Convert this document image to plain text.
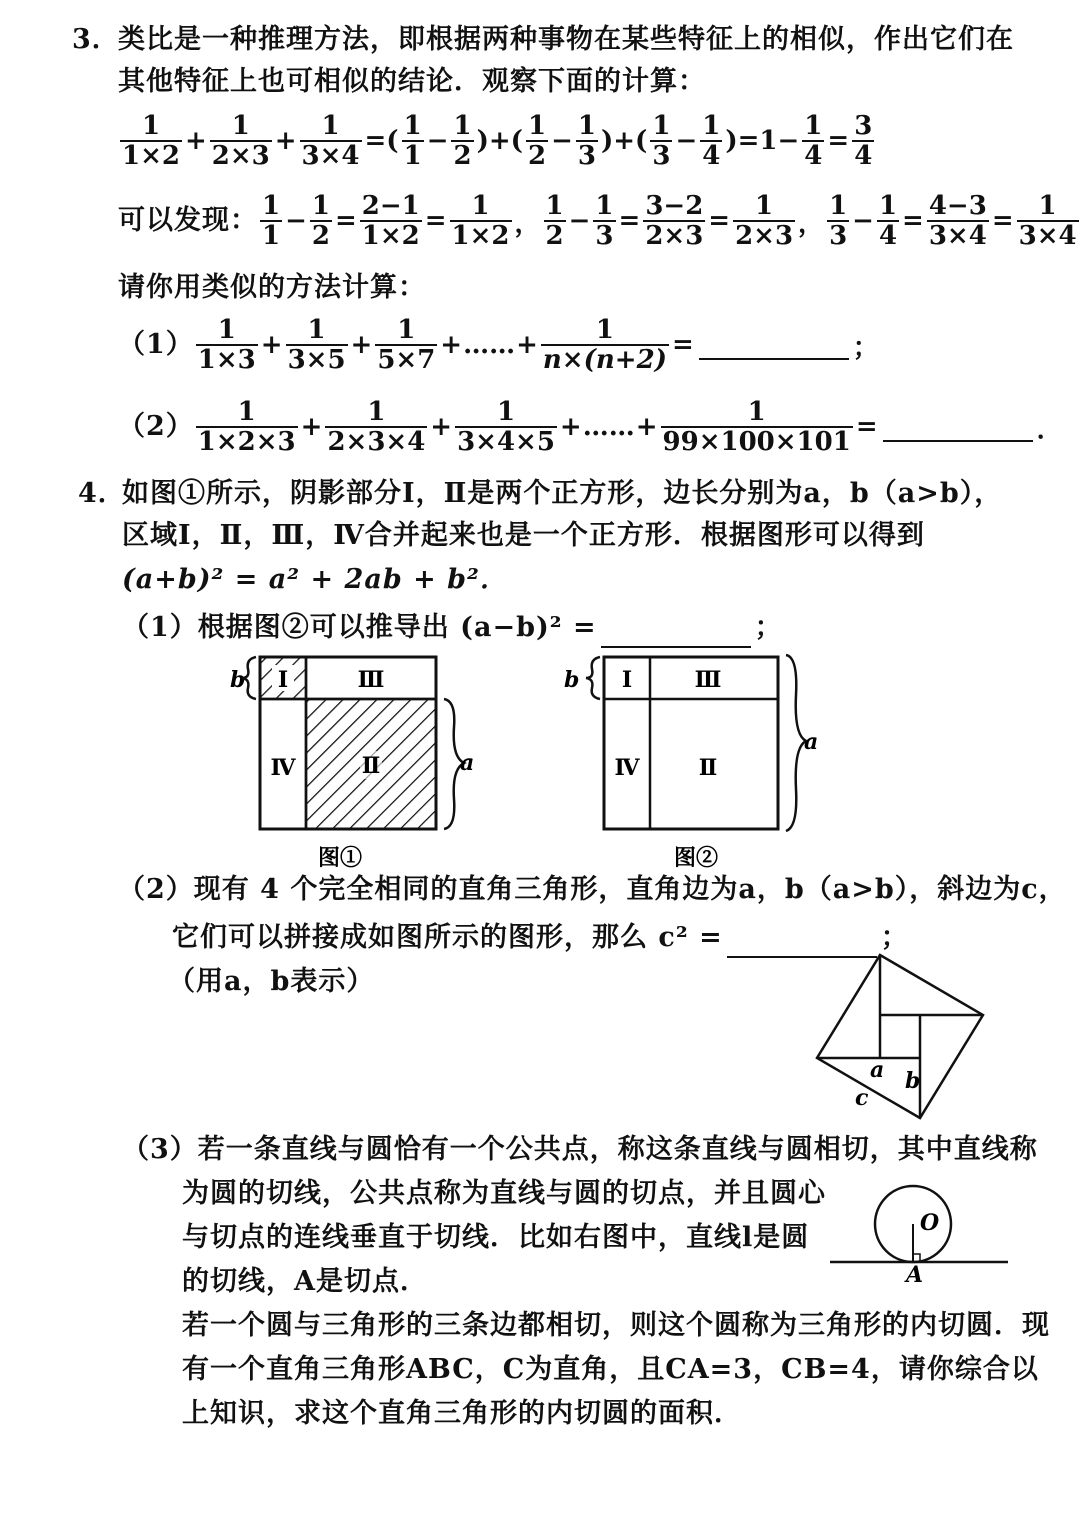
3．
类比是一种推理方法，即根据两种事物在某些特征上的相似，作出它们在
其他特征上也可相似的结论．观察下面的计算：
1
$1\times 2 + \frac{1}{2\times 3} + \frac{1}{3\times 4}$ =( 1
$1 - \frac{1}{2}$ )+( 1
$2 - \frac{1}{3}$ )+( 1
$3 - \frac{1}{4} )=1- \frac{1}{4} = \frac{3}{4}$
可以发现： 1
$1 - \frac{1}{2} = \frac{2-1}{1\times 2} = \frac{1}{1\times 2}$ ，
1
$2 - \frac{1}{3} = \frac{3-2}{2\times 3} = \frac{1}{2\times 3}$ ，
1
$3 - \frac{1}{4} = \frac{4-3}{3\times 4} = \frac{1}{3\times 4}$
请你用类似的方法计算：
（1） 1
$1\times 3 + \frac{1}{3\times 5} + \frac{1}{5\times 7}$ + …… + $\frac{1}{n\times(n+2)}$ =	；
（2） 1
$1\times 2\times 3 + \frac{1}{2\times 3\times 4} + \frac{1}{3\times 4\times 5}$ + …… + $\frac{1}{99\times 100\times 101}$ =	．
4．
如图①所示，阴影部分Ⅰ，Ⅱ是两个正方形，边长分别为a，b（a>b），
区域Ⅰ，Ⅱ，Ⅲ，Ⅳ合并起来也是一个正方形．根据图形可以得到
(a+b)² = a² + 2ab + b²．
（1）根据图②可以推导出 (a−b)² =	；
Ⅰ	Ⅲ
Ⅳ	Ⅱ
b
a
图①
Ⅰ	Ⅲ
Ⅳ	Ⅱ
b
a
图②
（2）现有 4 个完全相同的直角三角形，直角边为a，b（a>b），斜边为c，
它们可以拼接成如图所示的图形，那么 c² =	；
（用a，b表示）
a b
c
（3）若一条直线与圆恰有一个公共点，称这条直线与圆相切，其中直线称
为圆的切线，公共点称为直线与圆的切点，并且圆心
与切点的连线垂直于切线．比如右图中，直线l是圆
的切线，A是切点．
若一个圆与三角形的三条边都相切，则这个圆称为三角形的内切圆．现
有一个直角三角形ABC，C为直角，且CA=3，CB=4，请你综合以
上知识，求这个直角三角形的内切圆的面积．
O
A
